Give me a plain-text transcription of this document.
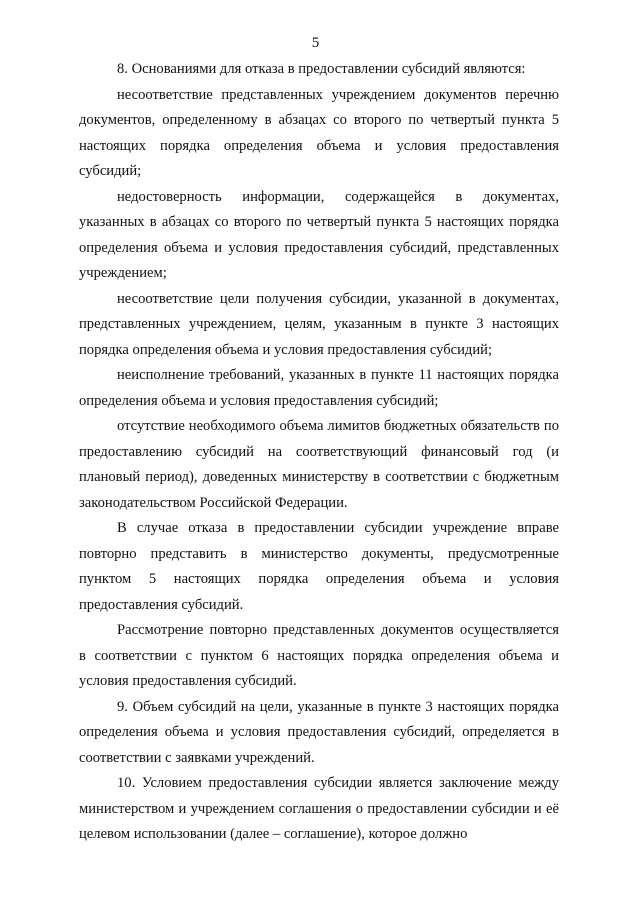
5

8. Основаниями для отказа в предоставлении субсидий являются:

несоответствие представленных учреждением документов перечню документов, определенному в абзацах со второго по четвертый пункта 5 настоящих порядка определения объема и условия предоставления субсидий;

недостоверность информации, содержащейся в документах, указанных в абзацах со второго по четвертый пункта 5 настоящих порядка определения объема и условия предоставления субсидий, представленных учреждением;

несоответствие цели получения субсидии, указанной в документах, представленных учреждением, целям, указанным в пункте 3 настоящих порядка определения объема и условия предоставления субсидий;

неисполнение требований, указанных в пункте 11 настоящих порядка определения объема и условия предоставления субсидий;

отсутствие необходимого объема лимитов бюджетных обязательств по предоставлению субсидий на соответствующий финансовый год (и плановый период), доведенных министерству в соответствии с бюджетным законодательством Российской Федерации.

В случае отказа в предоставлении субсидии учреждение вправе повторно представить в министерство документы, предусмотренные пунктом 5 настоящих порядка определения объема и условия предоставления субсидий.

Рассмотрение повторно представленных документов осуществляется в соответствии с пунктом 6 настоящих порядка определения объема и условия предоставления субсидий.

9. Объем субсидий на цели, указанные в пункте 3 настоящих порядка определения объема и условия предоставления субсидий, определяется в соответствии с заявками учреждений.

10. Условием предоставления субсидии является заключение между министерством и учреждением соглашения о предоставлении субсидии и её целевом использовании (далее – соглашение), которое должно
